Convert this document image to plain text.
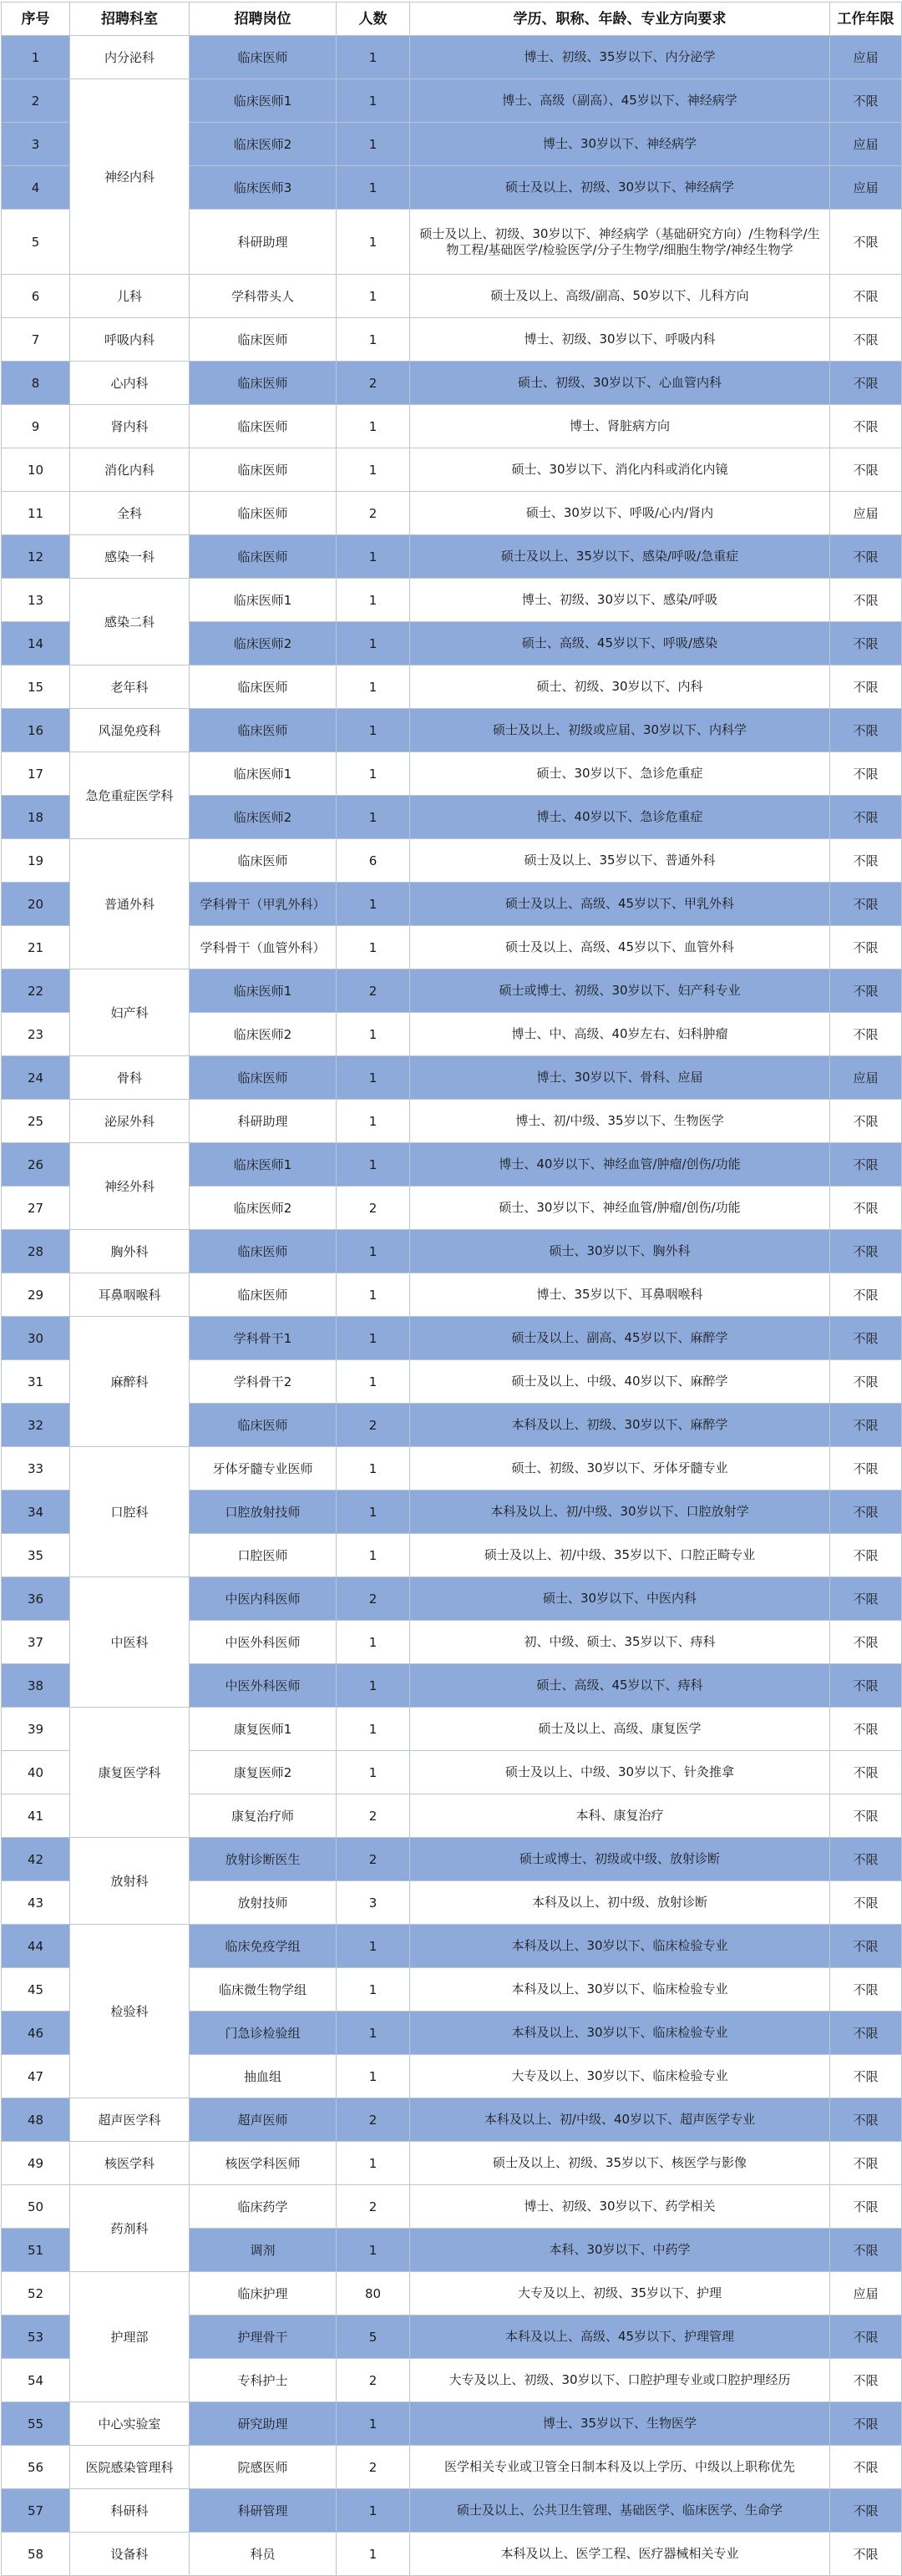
序号	招聘科室	招聘岗位	人数	学历、职称、年龄、专业方向要求	工作年限
1	内分泌科	临床医师	1	博士、初级、35岁以下、内分泌学	应届
2	神经内科	临床医师1	1	博士、高级（副高）、45岁以下、神经病学	不限
3		临床医师2	1	博士、30岁以下、神经病学	应届
4		临床医师3	1	硕士及以上、初级、30岁以下、神经病学	应届
5		科研助理	1	硕士及以上、初级、30岁以下、神经病学（基础研究方向）/生物科学/生物工程/基础医学/检验医学/分子生物学/细胞生物学/神经生物学	不限
6	儿科	学科带头人	1	硕士及以上、高级/副高、50岁以下、儿科方向	不限
7	呼吸内科	临床医师	1	博士、初级、30岁以下、呼吸内科	不限
8	心内科	临床医师	2	硕士、初级、30岁以下、心血管内科	不限
9	肾内科	临床医师	1	博士、肾脏病方向	不限
10	消化内科	临床医师	1	硕士、30岁以下、消化内科或消化内镜	不限
11	全科	临床医师	2	硕士、30岁以下、呼吸/心内/肾内	应届
12	感染一科	临床医师	1	硕士及以上、35岁以下、感染/呼吸/急重症	不限
13	感染二科	临床医师1	1	博士、初级、30岁以下、感染/呼吸	不限
14		临床医师2	1	硕士、高级、45岁以下、呼吸/感染	不限
15	老年科	临床医师	1	硕士、初级、30岁以下、内科	不限
16	风湿免疫科	临床医师	1	硕士及以上、初级或应届、30岁以下、内科学	不限
17	急危重症医学科	临床医师1	1	硕士、30岁以下、急诊危重症	不限
18		临床医师2	1	博士、40岁以下、急诊危重症	不限
19	普通外科	临床医师	6	硕士及以上、35岁以下、普通外科	不限
20		学科骨干（甲乳外科）	1	硕士及以上、高级、45岁以下、甲乳外科	不限
21		学科骨干（血管外科）	1	硕士及以上、高级、45岁以下、血管外科	不限
22	妇产科	临床医师1	2	硕士或博士、初级、30岁以下、妇产科专业	不限
23		临床医师2	1	博士、中、高级、40岁左右、妇科肿瘤	不限
24	骨科	临床医师	1	博士、30岁以下、骨科、应届	应届
25	泌尿外科	科研助理	1	博士、初/中级、35岁以下、生物医学	不限
26	神经外科	临床医师1	1	博士、40岁以下、神经血管/肿瘤/创伤/功能	不限
27		临床医师2	2	硕士、30岁以下、神经血管/肿瘤/创伤/功能	不限
28	胸外科	临床医师	1	硕士、30岁以下、胸外科	不限
29	耳鼻咽喉科	临床医师	1	博士、35岁以下、耳鼻咽喉科	不限
30	麻醉科	学科骨干1	1	硕士及以上、副高、45岁以下、麻醉学	不限
31		学科骨干2	1	硕士及以上、中级、40岁以下、麻醉学	不限
32		临床医师	2	本科及以上、初级、30岁以下、麻醉学	不限
33	口腔科	牙体牙髓专业医师	1	硕士、初级、30岁以下、牙体牙髓专业	不限
34		口腔放射技师	1	本科及以上、初/中级、30岁以下、口腔放射学	不限
35		口腔医师	1	硕士及以上、初/中级、35岁以下、口腔正畸专业	不限
36	中医科	中医内科医师	2	硕士、30岁以下、中医内科	不限
37		中医外科医师	1	初、中级、硕士、35岁以下、痔科	不限
38		中医外科医师	1	硕士、高级、45岁以下、痔科	不限
39	康复医学科	康复医师1	1	硕士及以上、高级、康复医学	不限
40		康复医师2	1	硕士及以上、中级、30岁以下、针灸推拿	不限
41		康复治疗师	2	本科、康复治疗	不限
42	放射科	放射诊断医生	2	硕士或博士、初级或中级、放射诊断	不限
43		放射技师	3	本科及以上、初中级、放射诊断	不限
44	检验科	临床免疫学组	1	本科及以上、30岁以下、临床检验专业	不限
45		临床微生物学组	1	本科及以上、30岁以下、临床检验专业	不限
46		门急诊检验组	1	本科及以上、30岁以下、临床检验专业	不限
47		抽血组	1	大专及以上、30岁以下、临床检验专业	不限
48	超声医学科	超声医师	2	本科及以上、初/中级、40岁以下、超声医学专业	不限
49	核医学科	核医学科医师	1	硕士及以上、初级、35岁以下、核医学与影像	不限
50	药剂科	临床药学	2	博士、初级、30岁以下、药学相关	不限
51		调剂	1	本科、30岁以下、中药学	不限
52	护理部	临床护理	80	大专及以上、初级、35岁以下、护理	应届
53		护理骨干	5	本科及以上、高级、45岁以下、护理管理	不限
54		专科护士	2	大专及以上、初级、30岁以下、口腔护理专业或口腔护理经历	不限
55	中心实验室	研究助理	1	博士、35岁以下、生物医学	不限
56	医院感染管理科	院感医师	2	医学相关专业或卫管全日制本科及以上学历、中级以上职称优先	不限
57	科研科	科研管理	1	硕士及以上、公共卫生管理、基础医学、临床医学、生命学	不限
58	设备科	科员	1	本科及以上、医学工程、医疗器械相关专业	不限
